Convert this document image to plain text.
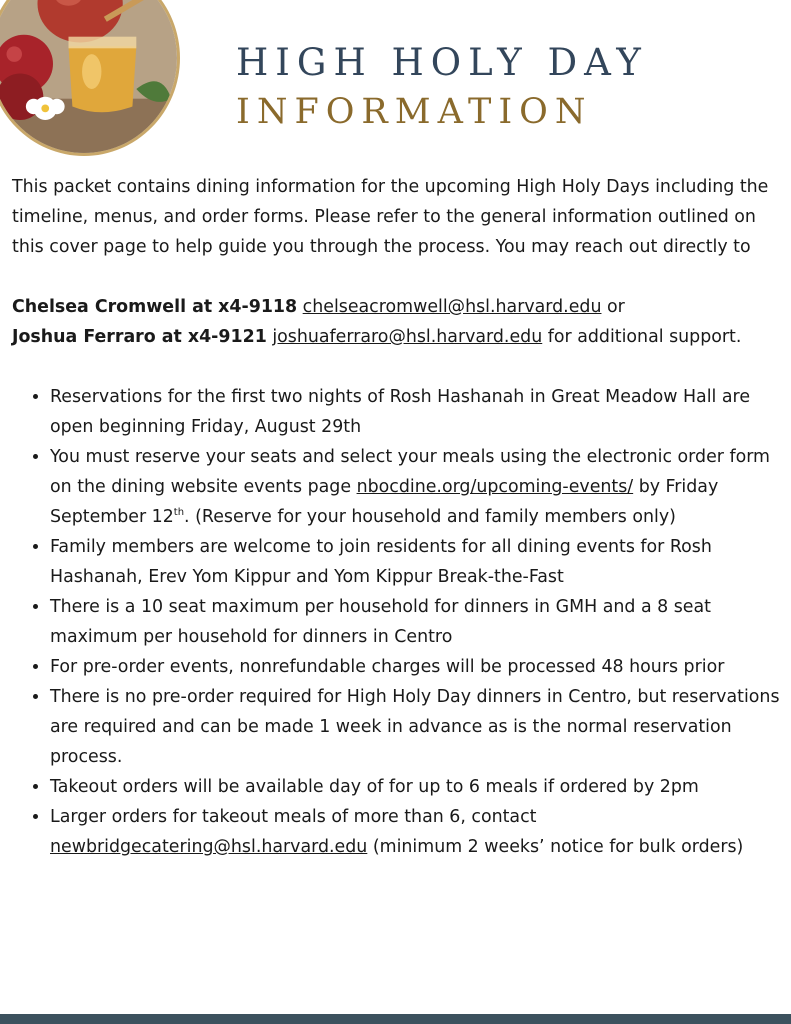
HIGH HOLY DAY
INFORMATION

This packet contains dining information for the upcoming High Holy Days including the timeline, menus, and order forms. Please refer to the general information outlined on this cover page to help guide you through the process. You may reach out directly to

Chelsea Cromwell at x4-9118 chelseacromwell@hsl.harvard.edu or

Joshua Ferraro at x4-9121 joshuaferraro@hsl.harvard.edu for additional support.

• Reservations for the first two nights of Rosh Hashanah in Great Meadow Hall are open beginning Friday, August 29th
• You must reserve your seats and select your meals using the electronic order form on the dining website events page nbocdine.org/upcoming-events/ by Friday September 12th. (Reserve for your household and family members only)
• Family members are welcome to join residents for all dining events for Rosh Hashanah, Erev Yom Kippur and Yom Kippur Break-the-Fast
• There is a 10 seat maximum per household for dinners in GMH and a 8 seat maximum per household for dinners in Centro
• For pre-order events, nonrefundable charges will be processed 48 hours prior
• There is no pre-order required for High Holy Day dinners in Centro, but reservations are required and can be made 1 week in advance as is the normal reservation process.
• Takeout orders will be available day of for up to 6 meals if ordered by 2pm
• Larger orders for takeout meals of more than 6, contact newbridgecatering@hsl.harvard.edu (minimum 2 weeks’ notice for bulk orders)
